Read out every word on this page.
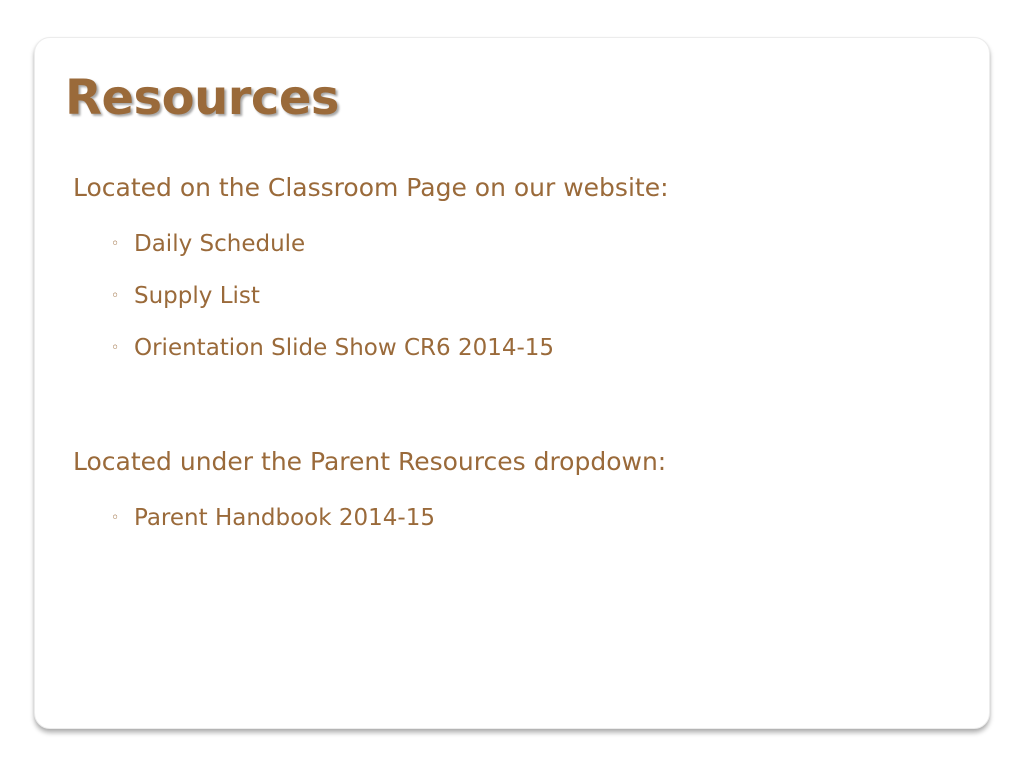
Resources
Located on the Classroom Page on our website:
◦ Daily Schedule
◦ Supply List
◦ Orientation Slide Show CR6 2014-15
Located under the Parent Resources dropdown:
◦ Parent Handbook 2014-15
